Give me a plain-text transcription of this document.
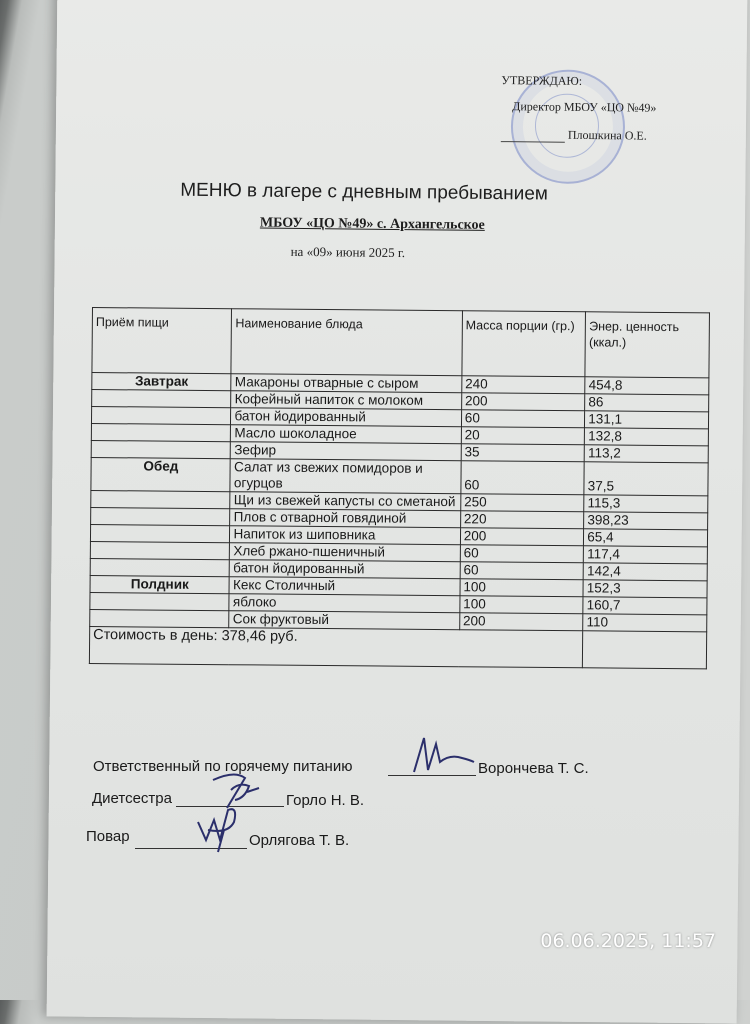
УТВЕРЖДАЮ:
Директор МБОУ «ЦО №49»
Плошкина О.Е.
МЕНЮ в лагере с дневным пребыванием
МБОУ «ЦО №49» с. Архангельское
на «09» июня 2025 г.
Приём пищи	Наименование блюда	Масса порции (гр.)	Энер. ценность (ккал.)
Завтрак	Макароны отварные с сыром	240	454,8
	Кофейный напиток с молоком	200	86
	батон йодированный	60	131,1
	Масло шоколадное	20	132,8
	Зефир	35	113,2
Обед	Салат из свежих помидоров и огурцов	60	37,5
	Щи из свежей капусты со сметаной	250	115,3
	Плов с отварной говядиной	220	398,23
	Напиток из шиповника	200	65,4
	Хлеб ржано-пшеничный	60	117,4
	батон йодированный	60	142,4
Полдник	Кекс Столичный	100	152,3
	яблоко	100	160,7
	Сок фруктовый	200	110
Стоимость в день: 378,46 руб.			
Ответственный по горячему питанию	Ворончева Т. С.
Диетсестра	Горло Н. В.
Повар	Орлягова Т. В.
06.06.2025, 11:57
